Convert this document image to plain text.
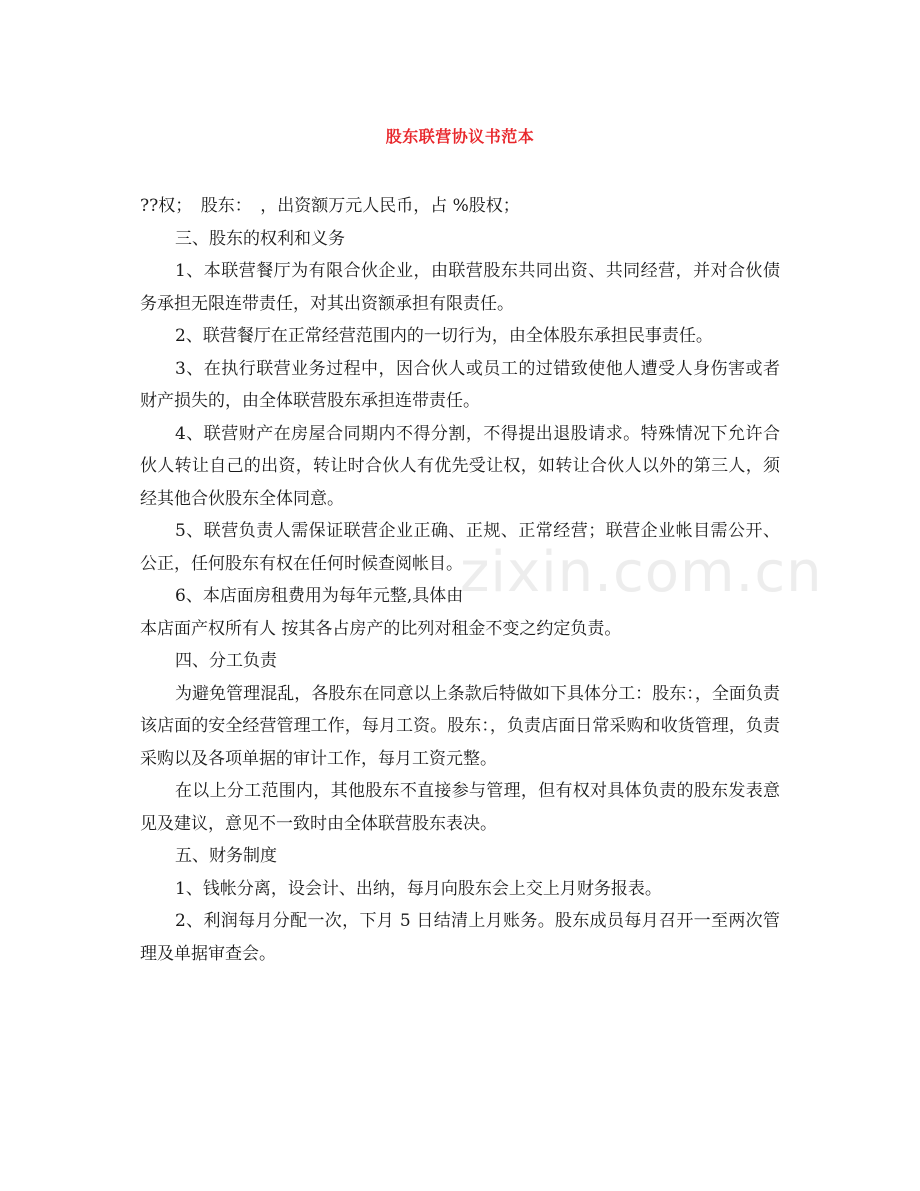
股东联营协议书范本

??权；　股东：　，出资额万元人民币，占 %股权；

三、股东的权利和义务

1、本联营餐厅为有限合伙企业，由联营股东共同出资、共同经营，并对合伙债务承担无限连带责任，对其出资额承担有限责任。

2、联营餐厅在正常经营范围内的一切行为，由全体股东承担民事责任。

3、在执行联营业务过程中，因合伙人或员工的过错致使他人遭受人身伤害或者财产损失的，由全体联营股东承担连带责任。

4、联营财产在房屋合同期内不得分割，不得提出退股请求。特殊情况下允许合伙人转让自己的出资，转让时合伙人有优先受让权，如转让合伙人以外的第三人，须经其他合伙股东全体同意。

5、联营负责人需保证联营企业正确、正规、正常经营；联营企业帐目需公开、公正，任何股东有权在任何时候查阅帐目。

6、本店面房租费用为每年元整,具体由

本店面产权所有人 按其各占房产的比列对租金不变之约定负责。

四、分工负责

为避免管理混乱，各股东在同意以上条款后特做如下具体分工：股东：，全面负责该店面的安全经营管理工作，每月工资。股东：，负责店面日常采购和收货管理，负责采购以及各项单据的审计工作，每月工资元整。

在以上分工范围内，其他股东不直接参与管理，但有权对具体负责的股东发表意见及建议，意见不一致时由全体联营股东表决。

五、财务制度

1、钱帐分离，设会计、出纳，每月向股东会上交上月财务报表。

2、利润每月分配一次，下月 5 日结清上月账务。股东成员每月召开一至两次管理及单据审查会。

zixin.com.cn
